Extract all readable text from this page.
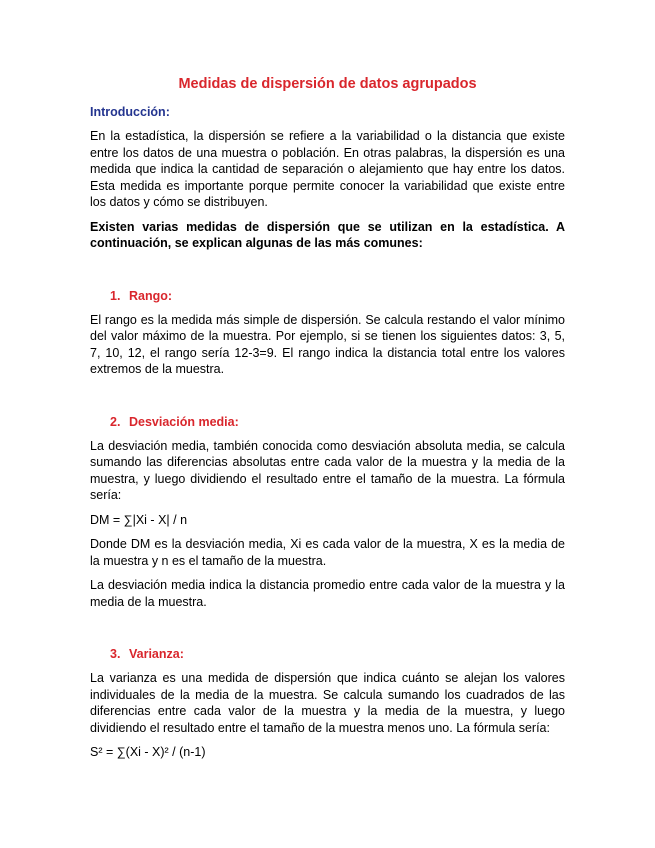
Medidas de dispersión de datos agrupados
Introducción:

En la estadística, la dispersión se refiere a la variabilidad o la distancia que existe entre los datos de una muestra o población. En otras palabras, la dispersión es una medida que indica la cantidad de separación o alejamiento que hay entre los datos. Esta medida es importante porque permite conocer la variabilidad que existe entre los datos y cómo se distribuyen.

Existen varias medidas de dispersión que se utilizan en la estadística. A continuación, se explican algunas de las más comunes:

1. Rango:

El rango es la medida más simple de dispersión. Se calcula restando el valor mínimo del valor máximo de la muestra. Por ejemplo, si se tienen los siguientes datos: 3, 5, 7, 10, 12, el rango sería 12-3=9. El rango indica la distancia total entre los valores extremos de la muestra.

2. Desviación media:

La desviación media, también conocida como desviación absoluta media, se calcula sumando las diferencias absolutas entre cada valor de la muestra y la media de la muestra, y luego dividiendo el resultado entre el tamaño de la muestra. La fórmula sería:

DM = ∑|Xi - X| / n

Donde DM es la desviación media, Xi es cada valor de la muestra, X es la media de la muestra y n es el tamaño de la muestra.

La desviación media indica la distancia promedio entre cada valor de la muestra y la media de la muestra.

3. Varianza:

La varianza es una medida de dispersión que indica cuánto se alejan los valores individuales de la media de la muestra. Se calcula sumando los cuadrados de las diferencias entre cada valor de la muestra y la media de la muestra, y luego dividiendo el resultado entre el tamaño de la muestra menos uno. La fórmula sería:

S² = ∑(Xi - X)² / (n-1)
